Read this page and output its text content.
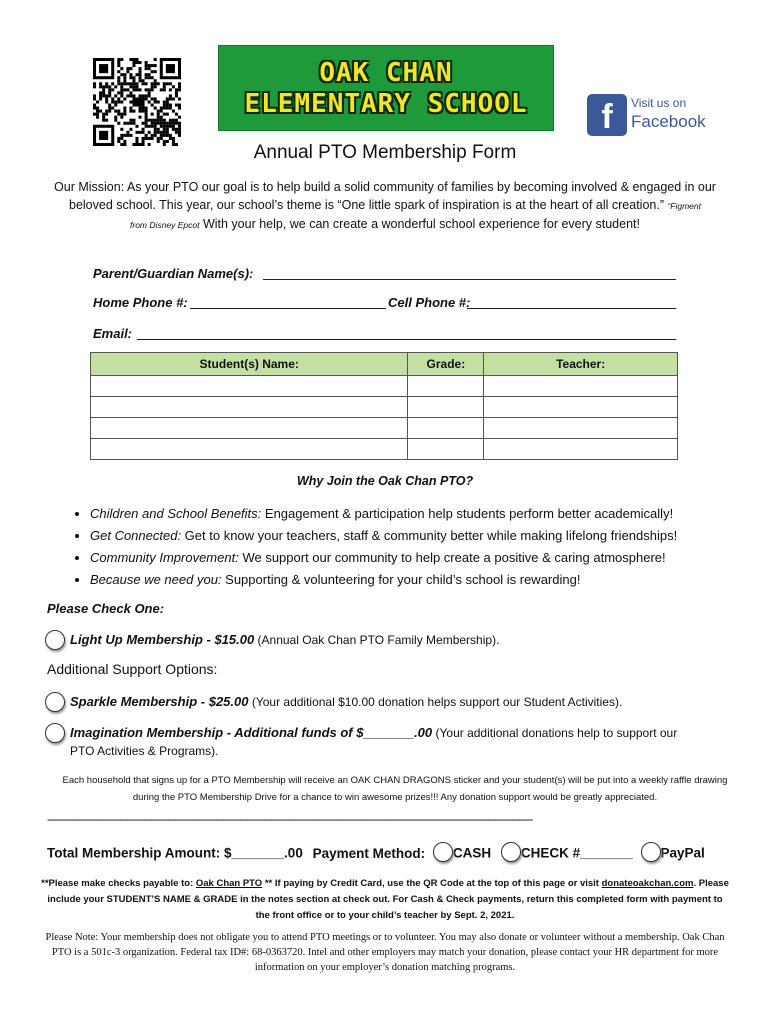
OAK CHAN
ELEMENTARY SCHOOL	f	Visit us on
Facebook
Annual PTO Membership Form
Our Mission: As your PTO our goal is to help build a solid community of families by becoming involved & engaged in our beloved school. This year, our school’s theme is “One little spark of inspiration is at the heart of all creation.” “Figment
from Disney Epcot With your help, we can create a wonderful school experience for every student!
Parent/Guardian Name(s):
Home Phone #:	Cell Phone #:
Email:
Student(s) Name:	Grade:	Teacher:

Why Join the Oak Chan PTO?
• Children and School Benefits: Engagement & participation help students perform better academically!
• Get Connected: Get to know your teachers, staff & community better while making lifelong friendships!
• Community Improvement: We support our community to help create a positive & caring atmosphere!
• Because we need you: Supporting & volunteering for your child’s school is rewarding!
Please Check One:
Light Up Membership - $15.00 (Annual Oak Chan PTO Family Membership).
Additional Support Options:
Sparkle Membership - $25.00 (Your additional $10.00 donation helps support our Student Activities).
Imagination Membership - Additional funds of $_______.00 (Your additional donations help to support our
PTO Activities & Programs).
Each household that signs up for a PTO Membership will receive an OAK CHAN DRAGONS sticker and your student(s) will be put into a weekly raffle drawing during the PTO Membership Drive for a chance to win awesome prizes!!! Any donation support would be greatly appreciated.
------------------------------------------------------------------------------------------------------------------------------------------------------------------
Total Membership Amount: $_______.00 Payment Method: CASH CHECK #_______ PayPal
**Please make checks payable to: Oak Chan PTO ** If paying by Credit Card, use the QR Code at the top of this page or visit donateoakchan.com. Please include your STUDENT’S NAME & GRADE in the notes section at check out. For Cash & Check payments, return this completed form with payment to the front office or to your child’s teacher by Sept. 2, 2021.
Please Note: Your membership does not obligate you to attend PTO meetings or to volunteer. You may also donate or volunteer without a membership. Oak Chan PTO is a 501c-3 organization. Federal tax ID#: 68-0363720. Intel and other employers may match your donation, please contact your HR department for more information on your employer’s donation matching programs.
